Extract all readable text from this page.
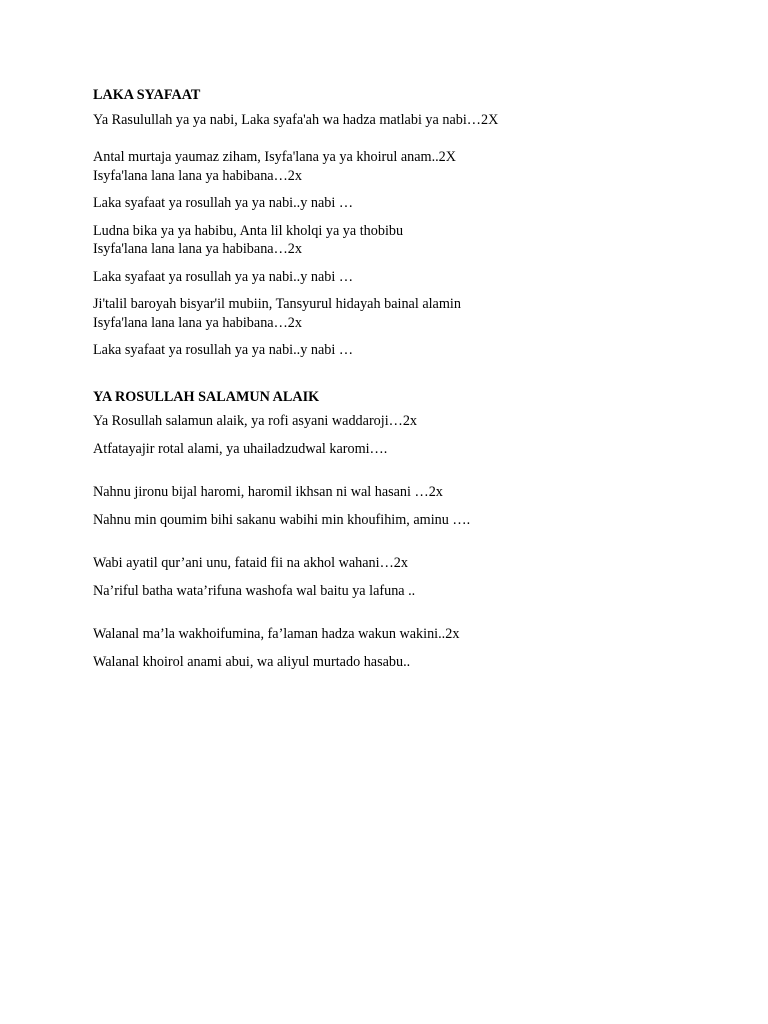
LAKA SYAFAAT
Ya Rasulullah ya ya nabi, Laka syafa'ah wa hadza matlabi ya nabi…2X
Antal murtaja yaumaz ziham, Isyfa'lana ya ya khoirul anam..2X
Isyfa'lana lana lana ya habibana…2x
Laka syafaat ya rosullah ya ya nabi..y nabi …
Ludna bika ya ya habibu, Anta lil kholqi ya ya thobibu
Isyfa'lana lana lana ya habibana…2x
Laka syafaat ya rosullah ya ya nabi..y nabi …
Ji'talil baroyah bisyar'il mubiin, Tansyurul hidayah bainal alamin
Isyfa'lana lana lana ya habibana…2x
Laka syafaat ya rosullah ya ya nabi..y nabi …
YA ROSULLAH SALAMUN ALAIK
Ya Rosullah salamun alaik, ya rofi asyani waddaroji…2x
Atfatayajir rotal alami, ya uhailadzudwal karomi….
Nahnu jironu bijal haromi, haromil ikhsan ni wal hasani …2x
Nahnu min qoumim bihi sakanu wabihi min khoufihim, aminu ….
Wabi ayatil qur’ani unu, fataid fii na akhol wahani…2x
Na’riful batha wata’rifuna washofa wal baitu ya lafuna ..
Walanal ma’la wakhoifumina, fa’laman hadza wakun wakini..2x
Walanal khoirol anami abui, wa aliyul murtado hasabu..
